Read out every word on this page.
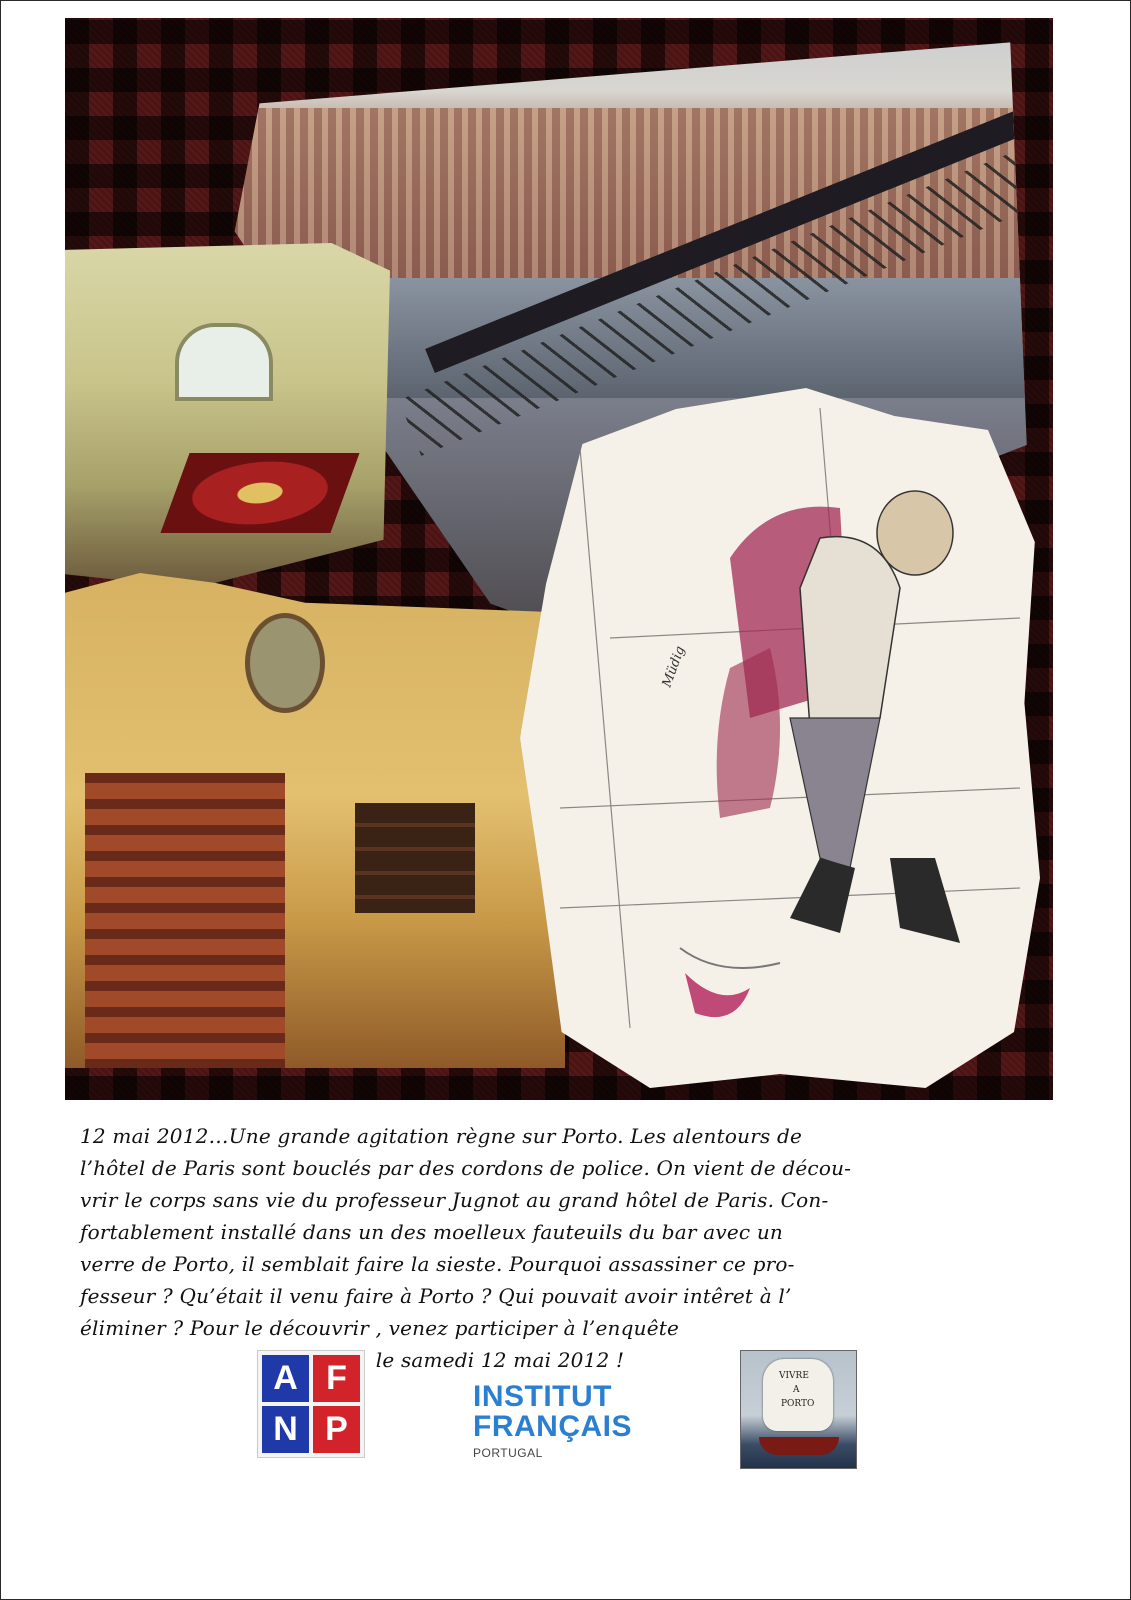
Müdig
12 mai 2012…Une grande agitation règne sur Porto. Les alentours de
l’hôtel de Paris sont bouclés par des cordons de police. On vient de décou-
vrir le corps sans vie du professeur Jugnot au grand hôtel de Paris. Con-
fortablement installé dans un des moelleux fauteuils du bar avec un
verre de Porto, il semblait faire la sieste. Pourquoi assassiner ce pro-
fesseur ? Qu’était il venu faire à Porto ? Qui pouvait avoir intêret à l’
éliminer ? Pour le découvrir , venez participer à l’enquête
le samedi 12 mai 2012 !
A F
N P
INSTITUT
FRANÇAIS
PORTUGAL
VIVRE
A
PORTO
